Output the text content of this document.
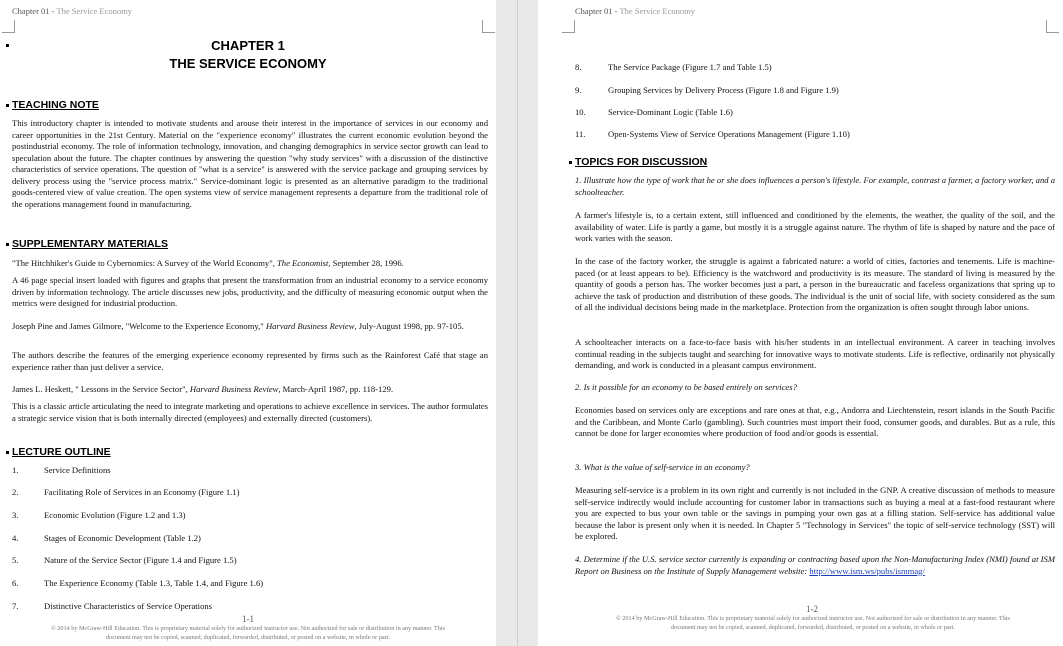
Chapter 01 - The Service Economy
CHAPTER 1
THE SERVICE ECONOMY
TEACHING NOTE
This introductory chapter is intended to motivate students and arouse their interest in the importance of services in our economy and career opportunities in the 21st Century. Material on the "experience economy" illustrates the current economic evolution beyond the postindustrial economy. The role of information technology, innovation, and changing demographics in service sector growth can lead to speculation about the future. The chapter continues by answering the question "why study services" with a discussion of the distinctive characteristics of service operations. The question of "what is a service" is answered with the service package and grouping services by delivery process using the "service process matrix." Service-dominant logic is presented as an alternative paradigm to the traditional goods-centered view of value creation. The open systems view of service management represents a departure from the traditional role of the operations management found in manufacturing.
SUPPLEMENTARY MATERIALS
"The Hitchhiker's Guide to Cybernomics: A Survey of the World Economy", The Economist, September 28, 1996.
A 46 page special insert loaded with figures and graphs that present the transformation from an industrial economy to a service economy driven by information technology. The article discusses new jobs, productivity, and the difficulty of measuring economic output when the metrics were designed for industrial production.
Joseph Pine and James Gilmore, "Welcome to the Experience Economy," Harvard Business Review, July-August 1998, pp. 97-105.
The authors describe the features of the emerging experience economy represented by firms such as the Rainforest Café that stage an experience rather than just deliver a service.
James L. Heskett, " Lessons in the Service Sector", Harvard Business Review, March-April 1987, pp. 118-129.
This is a classic article articulating the need to integrate marketing and operations to achieve excellence in services. The author formulates a strategic service vision that is both internally directed (employees) and externally directed (customers).
LECTURE OUTLINE
1.	Service Definitions
2.	Facilitating Role of Services in an Economy (Figure 1.1)
3.	Economic Evolution (Figure 1.2 and 1.3)
4.	Stages of Economic Development (Table 1.2)
5.	Nature of the Service Sector (Figure 1.4 and Figure 1.5)
6.	The Experience Economy (Table 1.3, Table 1.4, and Figure 1.6)
7.	Distinctive Characteristics of Service Operations
1-1
© 2014 by McGraw-Hill Education. This is proprietary material solely for authorized instructor use. Not authorized for sale or distribution in any manner. This
document may not be copied, scanned, duplicated, forwarded, distributed, or posted on a website, in whole or part.
Chapter 01 - The Service Economy
8.	The Service Package (Figure 1.7 and Table 1.5)
9.	Grouping Services by Delivery Process (Figure 1.8 and Figure 1.9)
10.	Service-Dominant Logic (Table 1.6)
11.	Open-Systems View of Service Operations Management (Figure 1.10)
TOPICS FOR DISCUSSION
1. Illustrate how the type of work that he or she does influences a person's lifestyle. For example, contrast a farmer, a factory worker, and a schoolteacher.
A farmer's lifestyle is, to a certain extent, still influenced and conditioned by the elements, the weather, the quality of the soil, and the availability of water. Life is partly a game, but mostly it is a struggle against nature. The rhythm of life is shaped by nature and the pace of work varies with the season.
In the case of the factory worker, the struggle is against a fabricated nature: a world of cities, factories and tenements. Life is machine-paced (or at least appears to be). Efficiency is the watchword and productivity is its measure. The standard of living is measured by the quantity of goods a person has. The worker becomes just a part, a person in the bureaucratic and faceless organizations that spring up to achieve the task of production and distribution of these goods. The individual is the unit of social life, with society considered as the sum of all the individual decisions being made in the marketplace. Protection from the organization is often sought through labor unions.
A schoolteacher interacts on a face-to-face basis with his/her students in an intellectual environment. A career in teaching involves continual reading in the subjects taught and searching for innovative ways to motivate students. Life is reflective, ordinarily not physically demanding, and work is conducted in a pleasant campus environment.
2. Is it possible for an economy to be based entirely on services?
Economies based on services only are exceptions and rare ones at that, e.g., Andorra and Liechtenstein, resort islands in the South Pacific and the Caribbean, and Monte Carlo (gambling). Such countries must import their food, consumer goods, and durables. But as a rule, this cannot be done for larger economies where production of food and/or goods is essential.
3. What is the value of self-service in an economy?
Measuring self-service is a problem in its own right and currently is not included in the GNP. A creative discussion of methods to measure self-service indirectly would include accounting for customer labor in transactions such as buying a meal at a fast-food restaurant where you are expected to bus your own table or the savings in pumping your own gas at a filling station. Self-service has additional value because the labor is present only when it is needed. In Chapter 5 "Technology in Services" the topic of self-service technology (SST) will be explored.
4. Determine if the U.S. service sector currently is expanding or contracting based upon the Non-Manufacturing Index (NMI) found at ISM Report on Business on the Institute of Supply Management website: http://www.ism.ws/pubs/ismmag/
1-2
© 2014 by McGraw-Hill Education. This is proprietary material solely for authorized instructor use. Not authorized for sale or distribution in any manner. This
document may not be copied, scanned, duplicated, forwarded, distributed, or posted on a website, in whole or part.
